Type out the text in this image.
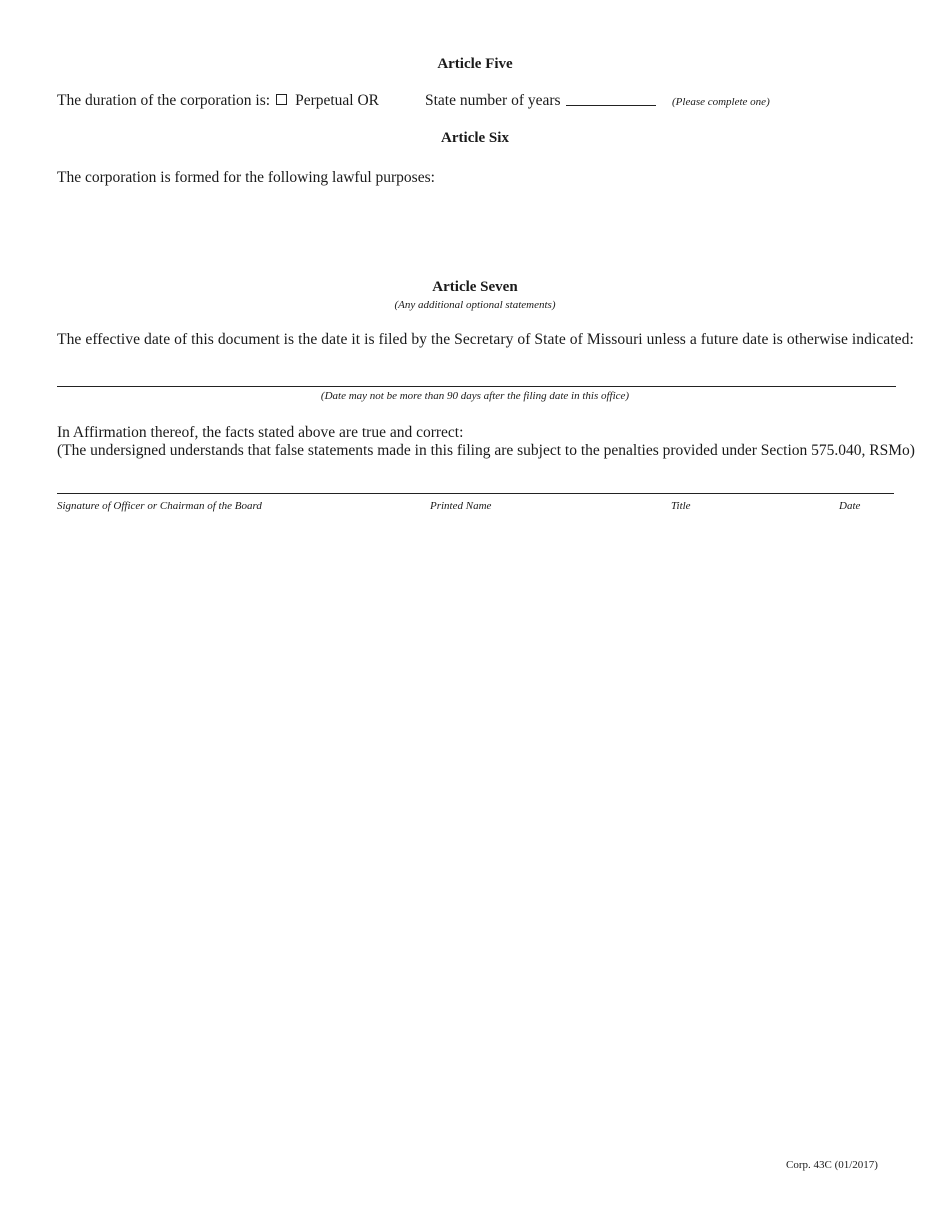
Article Five
The duration of the corporation is: Perpetual OR	State number of years	(Please complete one)
Article Six
The corporation is formed for the following lawful purposes:
Article Seven
(Any additional optional statements)
The effective date of this document is the date it is filed by the Secretary of State of Missouri unless a future date is otherwise indicated:
(Date may not be more than 90 days after the filing date in this office)
In Affirmation thereof, the facts stated above are true and correct:
(The undersigned understands that false statements made in this filing are subject to the penalties provided under Section 575.040, RSMo)
Signature of Officer or Chairman of the Board	Printed Name	Title	Date
Corp. 43C (01/2017)
